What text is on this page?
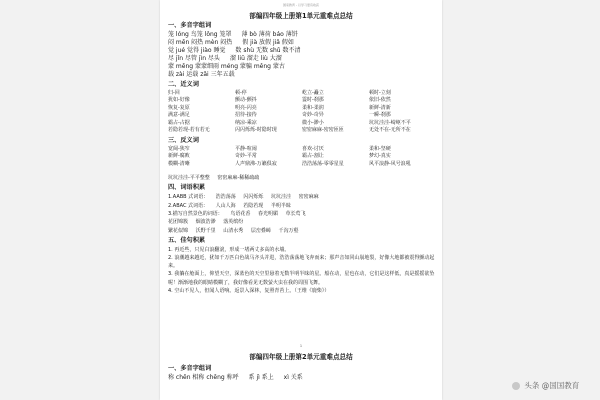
国家教育 - 以学习更有收获
部编四年级上册第1单元重难点总结
一、多音字组词
笼 lóng 鸟笼 lǒng 笼罩 薄 bò 薄荷 báo 薄饼
闷 mēn 闷热 mèn 闷热 假 jià 放假 jiǎ 假如
觉 jué 觉得 jiào 睡觉 数 shù 无数 shǔ 数不清
尽 jǐn 尽管 jìn 尽头 溜 liū 溜走 liù 大溜
蒙 mēng 蒙蒙细雨 méng 蒙骗 měng 蒙古
载 zài 运载 zǎi 三年五载
二、近义词
归-回	顿-停	屹立-矗立	顿时-立刻
犹如-好像	颤动-颤抖	霎时-刹那	依旧-依然
恢复-复原	明亮-闪亮	柔和-柔润	新鲜-清新
满意-满足	招待-接待	奇妙-奇异	一瞬-刹那
霸占-占据	纳凉-乘凉	微小-渺小	坑坑洼洼-崎岖不平
若隐若现-若有若无	闪闪烁烁-时隐时现	密密麻麻-密密匝匝	无处不在-无所不在
三、反义词
宽阔-狭窄	平静-喧闹	喜欢-讨厌	柔和-坚硬
新鲜-腐败	奇妙-平常	霸占-割让	梦幻-真实
模糊-清晰	人声鼎沸-万籁俱寂	浩浩荡荡-零零星星	风平浪静-风号浪吼
坑坑洼洼-平平整整 密密麻麻-稀稀疏疏
四、词语积累
1.AABB 式词语： 浩浩荡荡 闪闪烁烁 坑坑洼洼 密密麻麻
2.ABAC 式词语： 人山人海 若隐若现 半明半昧
3.描写自然景色的词语： 鸟语花香 春光明媚 草长莺飞
花团锦簇 烟波浩渺 落英缤纷
繁花似锦 沃野千里 山清水秀 层峦叠嶂 千沟万壑
五、佳句积累
1. 再近些，只见白浪翻滚，形成一堵两丈多高的水墙。
2. 浪潮越来越近，犹如千万匹白色战马齐头并进，浩浩荡荡地飞奔而来；那声音如同山崩地裂，好像大地都被震得颤动起来。
3. 我躺在舱面上，仰望天空，深蓝色的天空里悬着无数半明半昧的星。船在动，星也在动，它们是这样低，真是摇摇欲坠呢！渐渐地我的眼睛模糊了，我好像看见无数萤火虫在我的周围飞舞。
4. 空山不见人，但闻人语响。返景入深林，复照青苔上。（王维《鹿柴》）
1
部编四年级上册第2单元重难点总结
一、多音字组词
称 chēn 相称 chēng 称呼 系 jì 系上 xì 关系
头条 @国国教育
